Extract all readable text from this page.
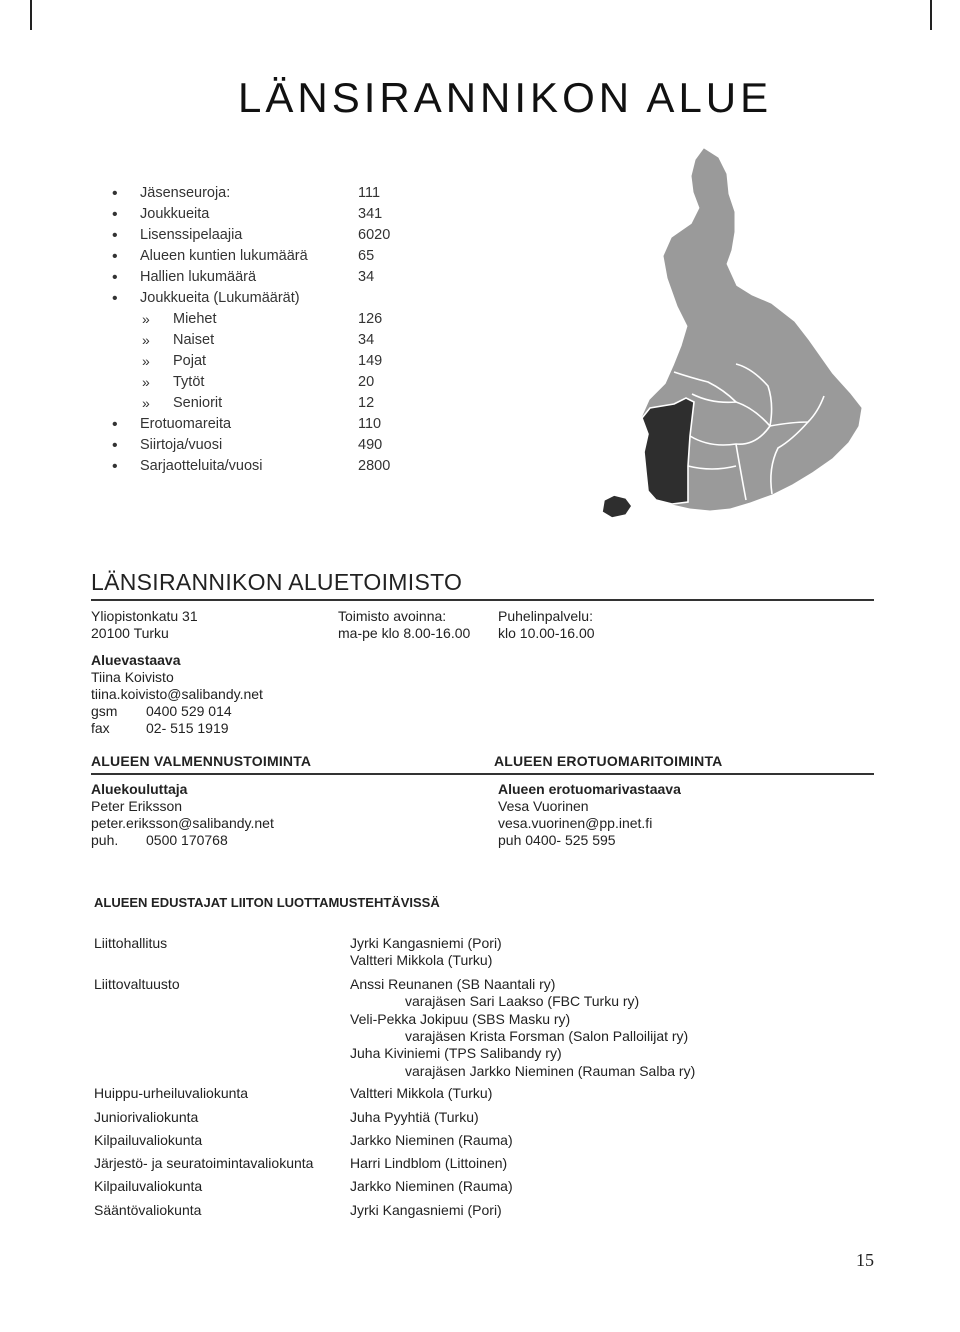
LÄNSIRANNIKON ALUE
• Jäsenseuroja:	111
• Joukkueita	341
• Lisenssipelaajia	6020
• Alueen kuntien lukumäärä	65
• Hallien lukumäärä	34
• Joukkueita (Lukumäärät)
» Miehet	126
» Naiset	34
» Pojat	149
» Tytöt	20
» Seniorit	12
• Erotuomareita	110
• Siirtoja/vuosi	490
• Sarjaotteluita/vuosi	2800
LÄNSIRANNIKON ALUETOIMISTO
Yliopistonkatu 31
20100 Turku
Toimisto avoinna:
ma-pe klo 8.00-16.00
Puhelinpalvelu:
klo 10.00-16.00
Aluevastaava
Tiina Koivisto
tiina.koivisto@salibandy.net
gsm 0400 529 014
fax	02- 515 1919
ALUEEN VALMENNUSTOIMINTA	ALUEEN EROTUOMARITOIMINTA
Aluekouluttaja
Peter Eriksson
peter.eriksson@salibandy.net
puh. 0500 170768
Alueen erotuomarivastaava
Vesa Vuorinen
vesa.vuorinen@pp.inet.fi
puh 0400- 525 595
ALUEEN EDUSTAJAT LIITON LUOTTAMUSTEHTÄVISSÄ
Liittohallitus	Jyrki Kangasniemi (Pori)
Valtteri Mikkola (Turku)
Liittovaltuusto	Anssi Reunanen (SB Naantali ry)
varajäsen Sari Laakso (FBC Turku ry)
Veli-Pekka Jokipuu (SBS Masku ry)
varajäsen Krista Forsman (Salon Palloilijat ry)
Juha Kiviniemi (TPS Salibandy ry)
varajäsen Jarkko Nieminen (Rauman Salba ry)
Huippu-urheiluvaliokunta	Valtteri Mikkola (Turku)
Juniorivaliokunta	Juha Pyyhtiä (Turku)
Kilpailuvaliokunta	Jarkko Nieminen (Rauma)
Järjestö- ja seuratoimintavaliokunta	Harri Lindblom (Littoinen)
Kilpailuvaliokunta	Jarkko Nieminen (Rauma)
Sääntövaliokunta	Jyrki Kangasniemi (Pori)
15
